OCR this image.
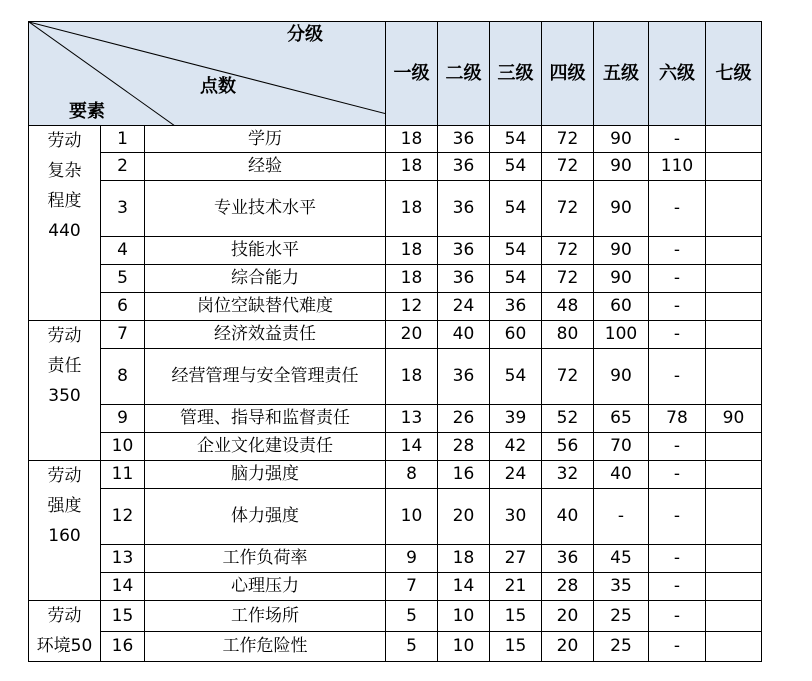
分级
点数
要素			一级	二级	三级	四级	五级	六级	七级

劳动
复杂
程度
440	1	学历	18	36	54	72	90	-	
	2	经验	18	36	54	72	90	110	
	3	专业技术水平	18	36	54	72	90	-	
	4	技能水平	18	36	54	72	90	-	
	5	综合能力	18	36	54	72	90	-	
	6	岗位空缺替代难度	12	24	36	48	60	-	

劳动
责任
350	7	经济效益责任	20	40	60	80	100	-	
	8	经营管理与安全管理责任	18	36	54	72	90	-	
	9	管理、指导和监督责任	13	26	39	52	65	78	90
	10	企业文化建设责任	14	28	42	56	70	-	

劳动
强度
160	11	脑力强度	8	16	24	32	40	-	
	12	体力强度	10	20	30	40	-	-	
	13	工作负荷率	9	18	27	36	45	-	
	14	心理压力	7	14	21	28	35	-	

劳动
环境50	15	工作场所	5	10	15	20	25	-	
	16	工作危险性	5	10	15	20	25	-	
